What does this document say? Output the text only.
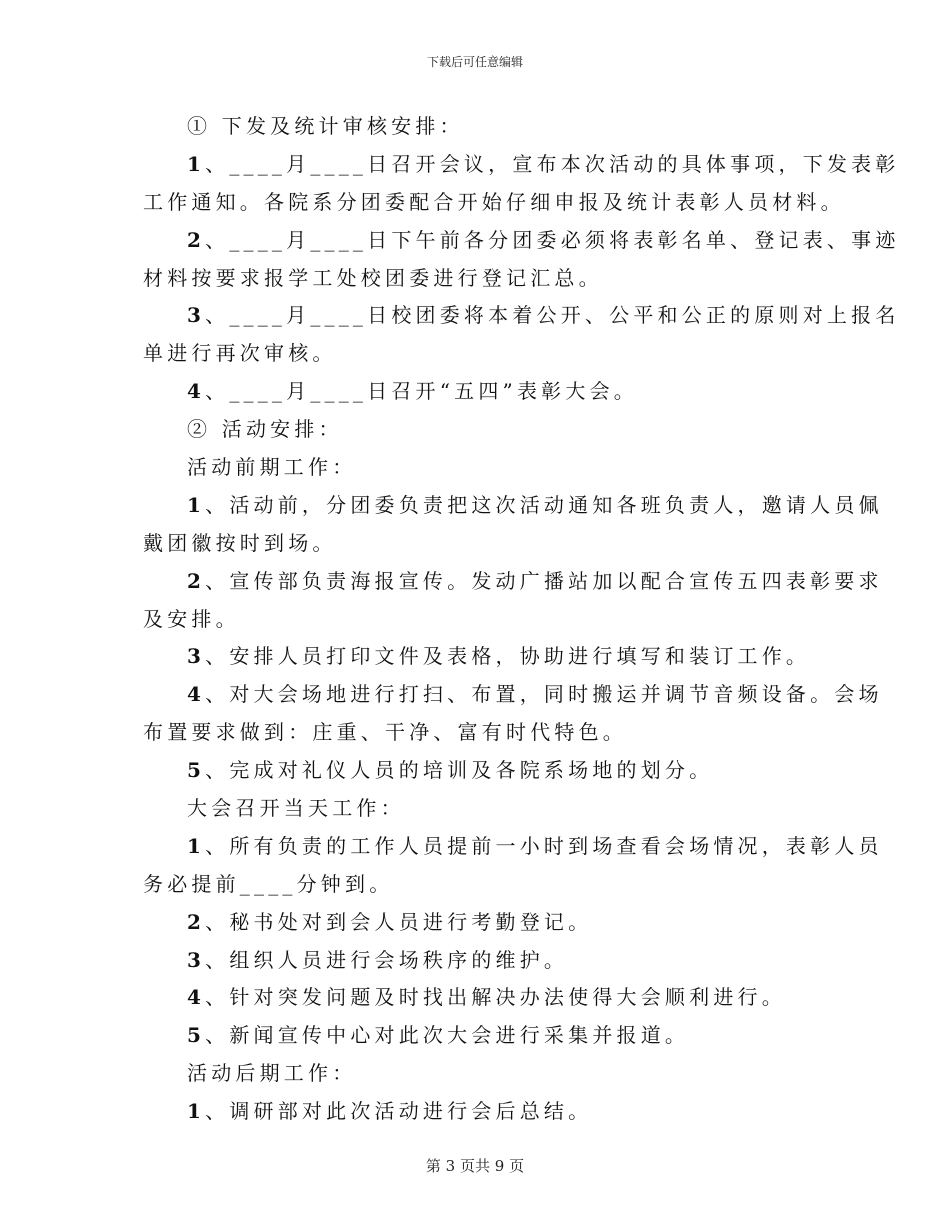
下载后可任意编辑
① 下发及统计审核安排：
1、____月____日召开会议，宣布本次活动的具体事项，下发表彰
工作通知。各院系分团委配合开始仔细申报及统计表彰人员材料。
2、____月____日下午前各分团委必须将表彰名单、登记表、事迹
材料按要求报学工处校团委进行登记汇总。
3、____月____日校团委将本着公开、公平和公正的原则对上报名
单进行再次审核。
4、____月____日召开“五四”表彰大会。
② 活动安排：
活动前期工作：
1、活动前，分团委负责把这次活动通知各班负责人，邀请人员佩
戴团徽按时到场。
2、宣传部负责海报宣传。发动广播站加以配合宣传五四表彰要求
及安排。
3、安排人员打印文件及表格，协助进行填写和装订工作。
4、对大会场地进行打扫、布置，同时搬运并调节音频设备。会场
布置要求做到：庄重、干净、富有时代特色。
5、完成对礼仪人员的培训及各院系场地的划分。
大会召开当天工作：
1、所有负责的工作人员提前一小时到场查看会场情况，表彰人员
务必提前____分钟到。
2、秘书处对到会人员进行考勤登记。
3、组织人员进行会场秩序的维护。
4、针对突发问题及时找出解决办法使得大会顺利进行。
5、新闻宣传中心对此次大会进行采集并报道。
活动后期工作：
1、调研部对此次活动进行会后总结。
第 3 页共 9 页
